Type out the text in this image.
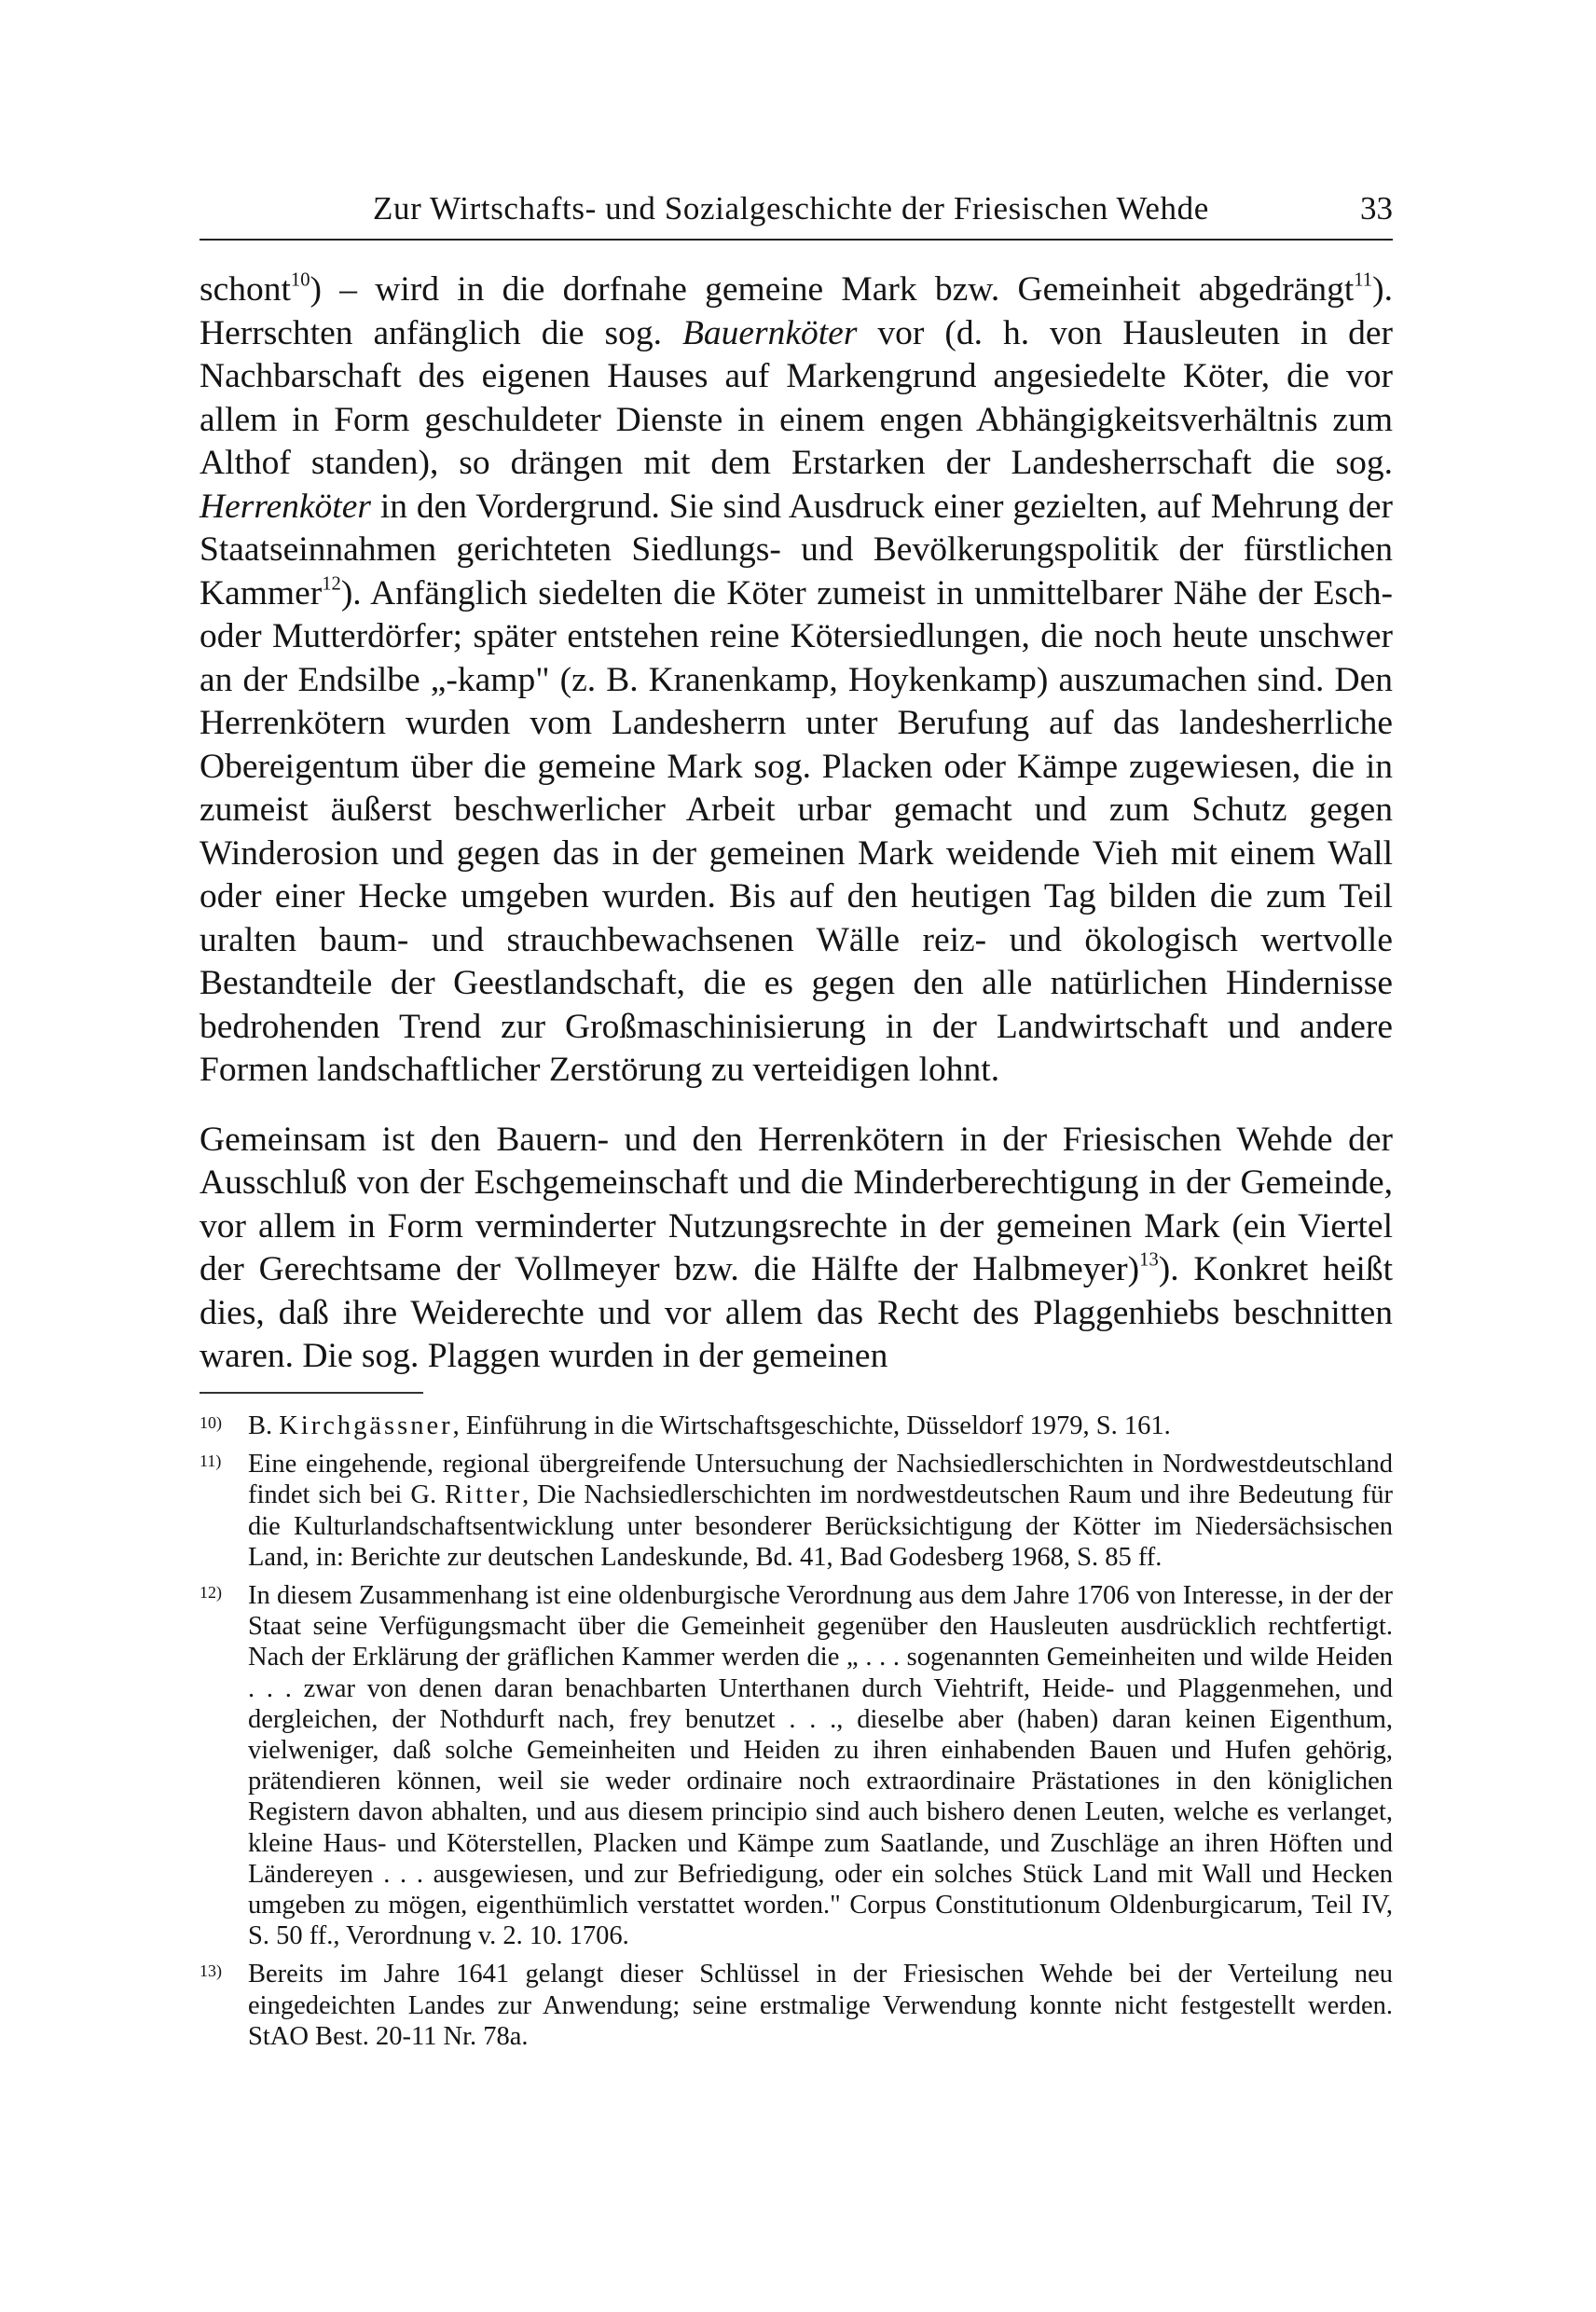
Zur Wirtschafts- und Sozialgeschichte der Friesischen Wehde	33

schont$^{10}$) – wird in die dorfnahe gemeine Mark bzw. Gemeinheit abgedrängt$^{11}$). Herrschten anfänglich die sog. Bauernköter vor (d. h. von Hausleuten in der Nachbarschaft des eigenen Hauses auf Markengrund angesiedelte Köter, die vor allem in Form geschuldeter Dienste in einem engen Abhängigkeitsverhältnis zum Althof standen), so drängen mit dem Erstarken der Landesherrschaft die sog. Herrenköter in den Vordergrund. Sie sind Ausdruck einer gezielten, auf Mehrung der Staatseinnahmen gerichteten Siedlungs- und Bevölkerungspolitik der fürstlichen Kammer$^{12}$). Anfänglich siedelten die Köter zumeist in unmittelbarer Nähe der Esch- oder Mutterdörfer; später entstehen reine Kötersiedlungen, die noch heute unschwer an der Endsilbe „-kamp" (z. B. Kranenkamp, Hoykenkamp) auszumachen sind. Den Herrenkötern wurden vom Landesherrn unter Berufung auf das landesherrliche Obereigentum über die gemeine Mark sog. Placken oder Kämpe zugewiesen, die in zumeist äußerst beschwerlicher Arbeit urbar gemacht und zum Schutz gegen Winderosion und gegen das in der gemeinen Mark weidende Vieh mit einem Wall oder einer Hecke umgeben wurden. Bis auf den heutigen Tag bilden die zum Teil uralten baum- und strauchbewachsenen Wälle reiz- und ökologisch wertvolle Bestandteile der Geestlandschaft, die es gegen den alle natürlichen Hindernisse bedrohenden Trend zur Großmaschinisierung in der Landwirtschaft und andere Formen landschaftlicher Zerstörung zu verteidigen lohnt.

Gemeinsam ist den Bauern- und den Herrenkötern in der Friesischen Wehde der Ausschluß von der Eschgemeinschaft und die Minderberechtigung in der Gemeinde, vor allem in Form verminderter Nutzungsrechte in der gemeinen Mark (ein Viertel der Gerechtsame der Vollmeyer bzw. die Hälfte der Halbmeyer)$^{13}$). Konkret heißt dies, daß ihre Weiderechte und vor allem das Recht des Plaggenhiebs beschnitten waren. Die sog. Plaggen wurden in der gemeinen

10) B. Kirchgässner, Einführung in die Wirtschaftsgeschichte, Düsseldorf 1979, S. 161.
11) Eine eingehende, regional übergreifende Untersuchung der Nachsiedlerschichten in Nordwestdeutschland findet sich bei G. Ritter, Die Nachsiedlerschichten im nordwestdeutschen Raum und ihre Bedeutung für die Kulturlandschaftsentwicklung unter besonderer Berücksichtigung der Kötter im Niedersächsischen Land, in: Berichte zur deutschen Landeskunde, Bd. 41, Bad Godesberg 1968, S. 85 ff.
12) In diesem Zusammenhang ist eine oldenburgische Verordnung aus dem Jahre 1706 von Interesse, in der der Staat seine Verfügungsmacht über die Gemeinheit gegenüber den Hausleuten ausdrücklich rechtfertigt. Nach der Erklärung der gräflichen Kammer werden die „ . . . sogenannten Gemeinheiten und wilde Heiden . . . zwar von denen daran benachbarten Unterthanen durch Viehtrift, Heide- und Plaggenmehen, und dergleichen, der Nothdurft nach, frey benutzet . . ., dieselbe aber (haben) daran keinen Eigenthum, vielweniger, daß solche Gemeinheiten und Heiden zu ihren einhabenden Bauen und Hufen gehörig, prätendieren können, weil sie weder ordinaire noch extraordinaire Prästationes in den königlichen Registern davon abhalten, und aus diesem principio sind auch bishero denen Leuten, welche es verlanget, kleine Haus- und Köterstellen, Placken und Kämpe zum Saatlande, und Zuschläge an ihren Höften und Ländereyen . . . ausgewiesen, und zur Befriedigung, oder ein solches Stück Land mit Wall und Hecken umgeben zu mögen, eigenthümlich verstattet worden." Corpus Constitutionum Oldenburgicarum, Teil IV, S. 50 ff., Verordnung v. 2. 10. 1706.
13) Bereits im Jahre 1641 gelangt dieser Schlüssel in der Friesischen Wehde bei der Verteilung neu eingedeichten Landes zur Anwendung; seine erstmalige Verwendung konnte nicht festgestellt werden. StAO Best. 20-11 Nr. 78a.
